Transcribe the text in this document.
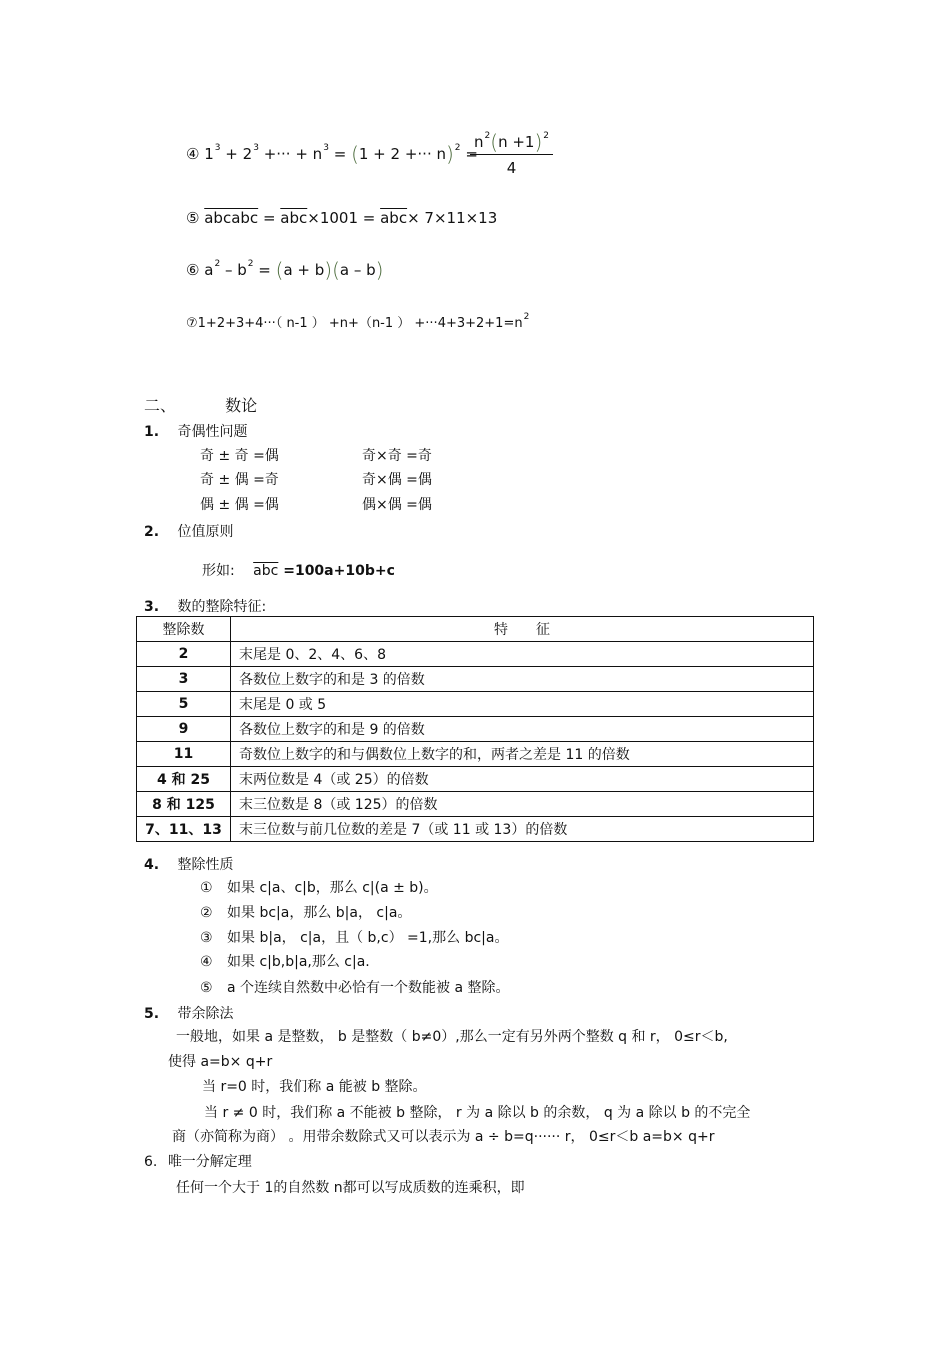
④ $1^3 + 2^3$ +··· + $n^3 = (1 + 2$ +··· n)$^2$ =
$\frac{n^2(n +1)^2}{4}$
⑤ abcabc = $\overline{abc}\times 1001 = \overline{abc}\times 7\times 11\times 13$
⑥ $a^2 - b^2 = (a + b)(a - b)$
⑦1+2+3+4···（ n-1 ） +n+（n-1 ） $+\cdot\cdot\cdot 4+3+2+1=n^2$
二、	数论
1. 奇偶性问题
奇 ± 奇 =偶	奇×奇 =奇
奇 ± 偶 =奇	奇×偶 =偶
偶 ± 偶 =偶	偶×偶 =偶
2. 位值原则
形如: $\overline{abc} =100a+10b+c$
3. 数的整除特征:
整除数	特　　征
2	末尾是 0、2、4、6、8
3	各数位上数字的和是 3 的倍数
5	末尾是 0 或 5
9	各数位上数字的和是 9 的倍数
11	奇数位上数字的和与偶数位上数字的和，两者之差是 11 的倍数
4 和 25	末两位数是 4（或 25）的倍数
8 和 125	末三位数是 8（或 125）的倍数
7、11、13	末三位数与前几位数的差是 7（或 11 或 13）的倍数
4. 整除性质
① 如果 c|a、c|b，那么 c|(a ± b)。
② 如果 bc|a，那么 b|a， c|a。
③ 如果 b|a， c|a，且（ b,c） =1,那么 bc|a。
④ 如果 c|b,b|a,那么 c|a.
⑤ a 个连续自然数中必恰有一个数能被 a 整除。
5. 带余除法
一般地，如果 a 是整数， b 是整数（ b≠0）,那么一定有另外两个整数 q 和 r， 0≤r＜b,
使得 a=b× q+r
当 r=0 时，我们称 a 能被 b 整除。
当 r ≠ 0 时，我们称 a 不能被 b 整除， r 为 a 除以 b 的余数， q 为 a 除以 b 的不完全
商（亦简称为商） 。用带余数除式又可以表示为 a ÷ b=q······ r， 0≤r＜b a=b× q+r
6. 唯一分解定理
任何一个大于 1的自然数 n都可以写成质数的连乘积，即
